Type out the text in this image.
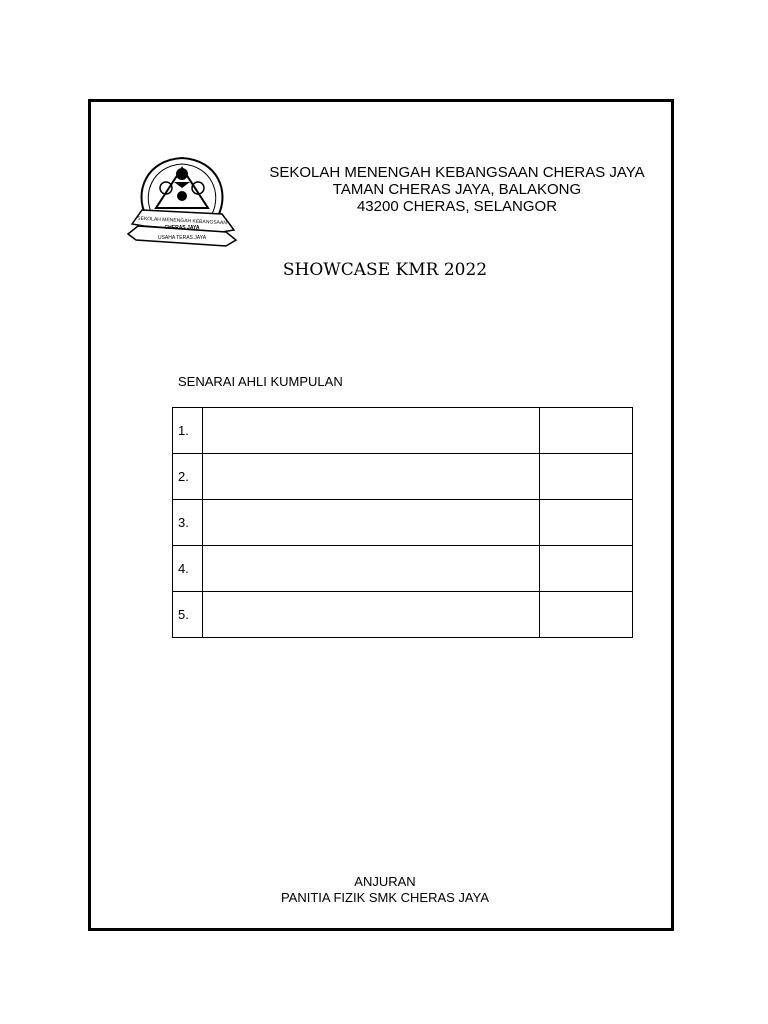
SEKOLAH MENENGAH KEBANGSAAN
CHERAS JAYA
USAHA TERAS JAYA
SEKOLAH MENENGAH KEBANGSAAN CHERAS JAYA
TAMAN CHERAS JAYA, BALAKONG
43200 CHERAS, SELANGOR
SHOWCASE KMR 2022
SENARAI AHLI KUMPULAN
1.		
2.		
3.		
4.		
5.		
ANJURAN
PANITIA FIZIK SMK CHERAS JAYA
